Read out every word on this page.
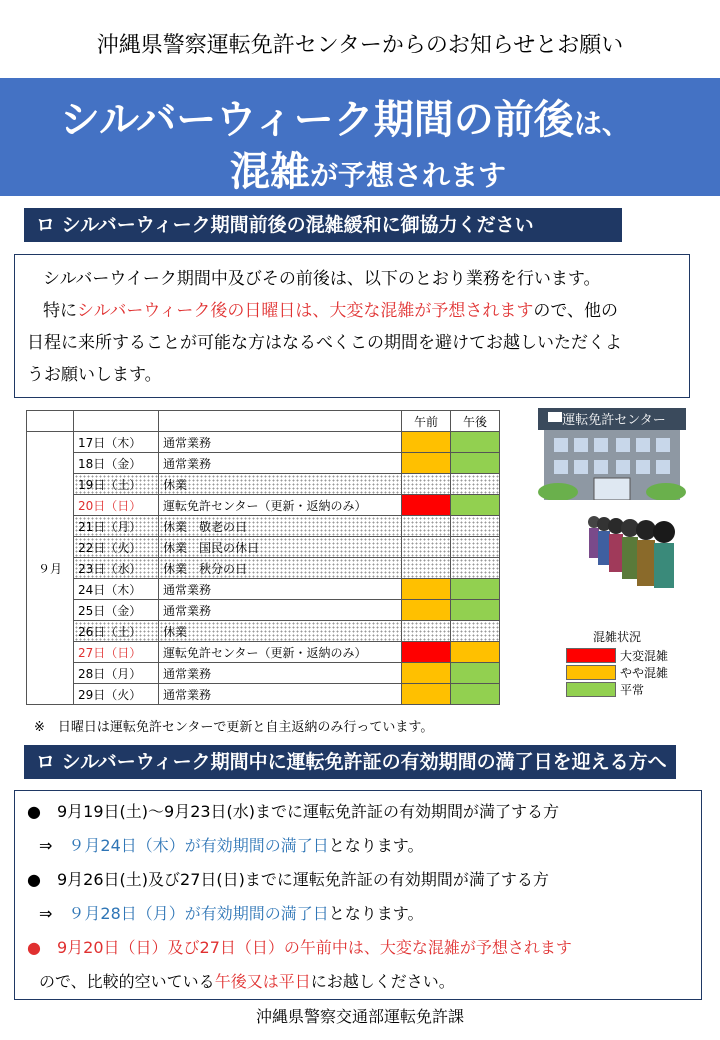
沖縄県警察運転免許センターからのお知らせとお願い
シルバーウィーク期間の前後は、
混雑が予想されます
ロ シルバーウィーク期間前後の混雑緩和に御協力ください
シルバーウイーク期間中及びその前後は、以下のとおり業務を行います。
特にシルバーウィーク後の日曜日は、大変な混雑が予想されますので、他の
日程に来所することが可能な方はなるべくこの期間を避けてお越しいただくよ
うお願いします。
			午前	午後
９月	17日（木）	通常業務		
	18日（金）	通常業務		
	19日（土）	休業		
	20日（日）	運転免許センター（更新・返納のみ）		
	21日（月）	休業　敬老の日		
	22日（火）	休業　国民の休日		
	23日（水）	休業　秋分の日		
	24日（木）	通常業務		
	25日（金）	通常業務		
	26日（土）	休業		
	27日（日）	運転免許センター（更新・返納のみ）		
	28日（月）	通常業務		
	29日（火）	通常業務		
運転免許センター
混雑状況
大変混雑
やや混雑
平常
※　日曜日は運転免許センターで更新と自主返納のみ行っています。
ロ シルバーウィーク期間中に運転免許証の有効期間の満了日を迎える方へ
●　 9月19日(土)～9月23日(水)までに運転免許証の有効期間が満了する方
⇒　 ９月24日（木）が有効期間の満了日となります。
●　 9月26日(土)及び27日(日)までに運転免許証の有効期間が満了する方
⇒　 ９月28日（月）が有効期間の満了日となります。
●　 9月20日（日）及び27日（日）の午前中は、大変な混雑が予想されます
ので、比較的空いている午後又は平日にお越しください。
沖縄県警察交通部運転免許課
